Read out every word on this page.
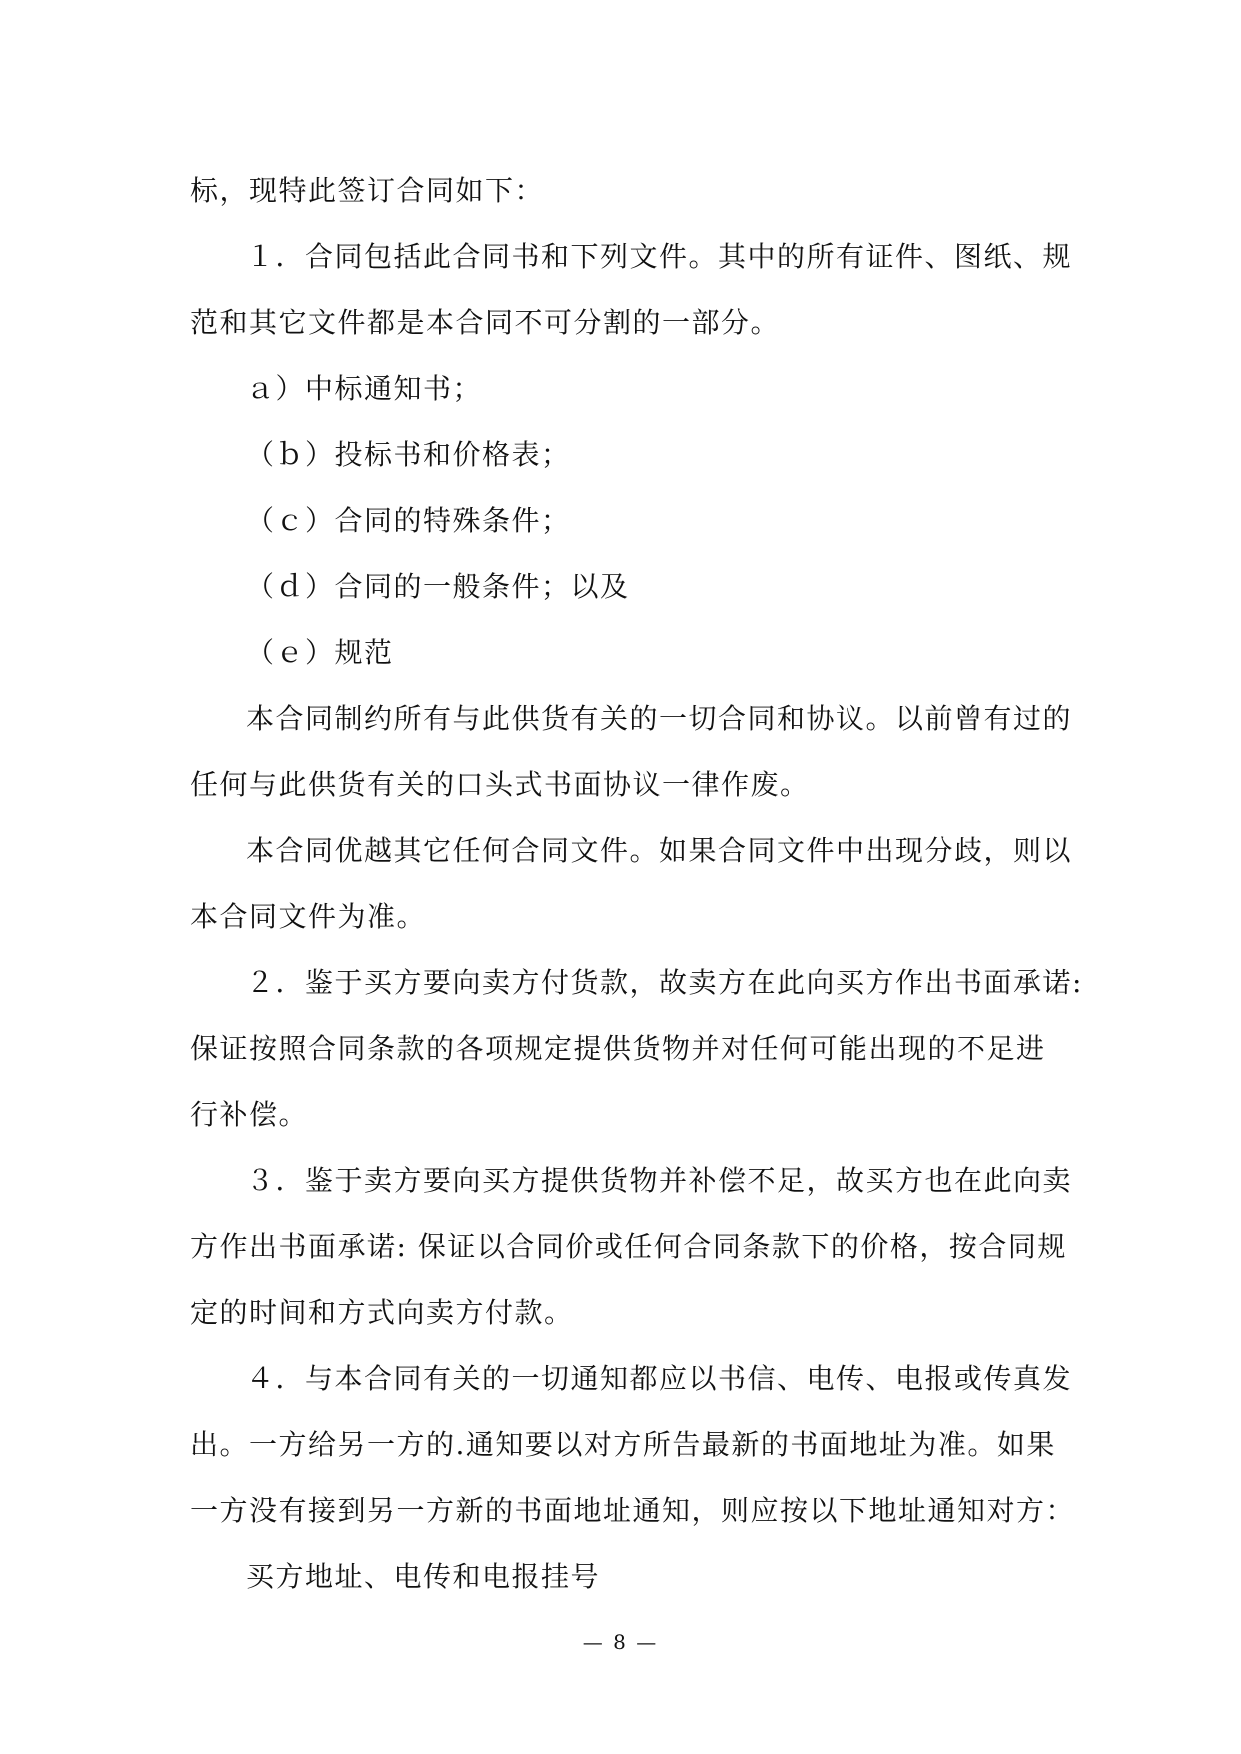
标，现特此签订合同如下：

１．合同包括此合同书和下列文件。其中的所有证件、图纸、规
范和其它文件都是本合同不可分割的一部分。

ａ）中标通知书；

（ｂ）投标书和价格表；

（ｃ）合同的特殊条件；

（ｄ）合同的一般条件；以及

（ｅ）规范

本合同制约所有与此供货有关的一切合同和协议。以前曾有过的
任何与此供货有关的口头式书面协议一律作废。

本合同优越其它任何合同文件。如果合同文件中出现分歧，则以
本合同文件为准。

２．鉴于买方要向卖方付货款，故卖方在此向买方作出书面承诺:
保证按照合同条款的各项规定提供货物并对任何可能出现的不足进
行补偿。

３．鉴于卖方要向买方提供货物并补偿不足，故买方也在此向卖
方作出书面承诺: 保证以合同价或任何合同条款下的价格，按合同规
定的时间和方式向卖方付款。

４．与本合同有关的一切通知都应以书信、电传、电报或传真发
出。一方给另一方的.通知要以对方所告最新的书面地址为准。如果
一方没有接到另一方新的书面地址通知，则应按以下地址通知对方：

买方地址、电传和电报挂号

— 8 —
